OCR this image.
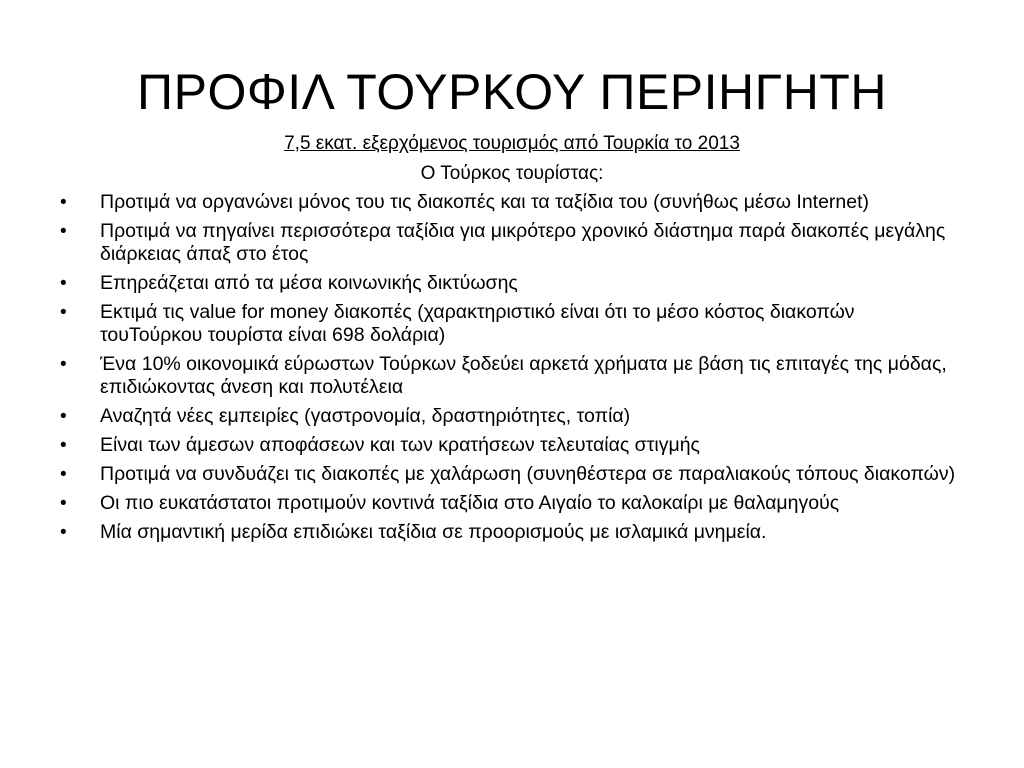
ΠΡΟΦΙΛ ΤΟΥΡΚΟΥ ΠΕΡΙΗΓΗΤΗ

7,5 εκατ. εξερχόμενος τουρισμός από Τουρκία το 2013

Ο Τούρκος τουρίστας:

•	Προτιμά να οργανώνει μόνος του τις διακοπές και τα ταξίδια του (συνήθως μέσω Internet)
•	Προτιμά να πηγαίνει περισσότερα ταξίδια για μικρότερο χρονικό διάστημα παρά διακοπές μεγάλης διάρκειας άπαξ στο έτος
•	Επηρεάζεται από τα μέσα κοινωνικής δικτύωσης
•	Εκτιμά τις value for money διακοπές (χαρακτηριστικό είναι ότι το μέσο κόστος διακοπών τουΤούρκου τουρίστα είναι 698 δολάρια)
•	Ένα 10% οικονομικά εύρωστων Τούρκων ξοδεύει αρκετά χρήματα με βάση τις επιταγές της μόδας, επιδιώκοντας άνεση και πολυτέλεια
•	Αναζητά νέες εμπειρίες (γαστρονομία, δραστηριότητες, τοπία)
•	Είναι των άμεσων αποφάσεων και των κρατήσεων τελευταίας στιγμής
•	Προτιμά να συνδυάζει τις διακοπές με χαλάρωση (συνηθέστερα σε παραλιακούς τόπους διακοπών)
•	Οι πιο ευκατάστατοι προτιμούν κοντινά ταξίδια στο Αιγαίο το καλοκαίρι με θαλαμηγούς
•	Μία σημαντική μερίδα επιδιώκει ταξίδια σε προορισμούς με ισλαμικά μνημεία.
